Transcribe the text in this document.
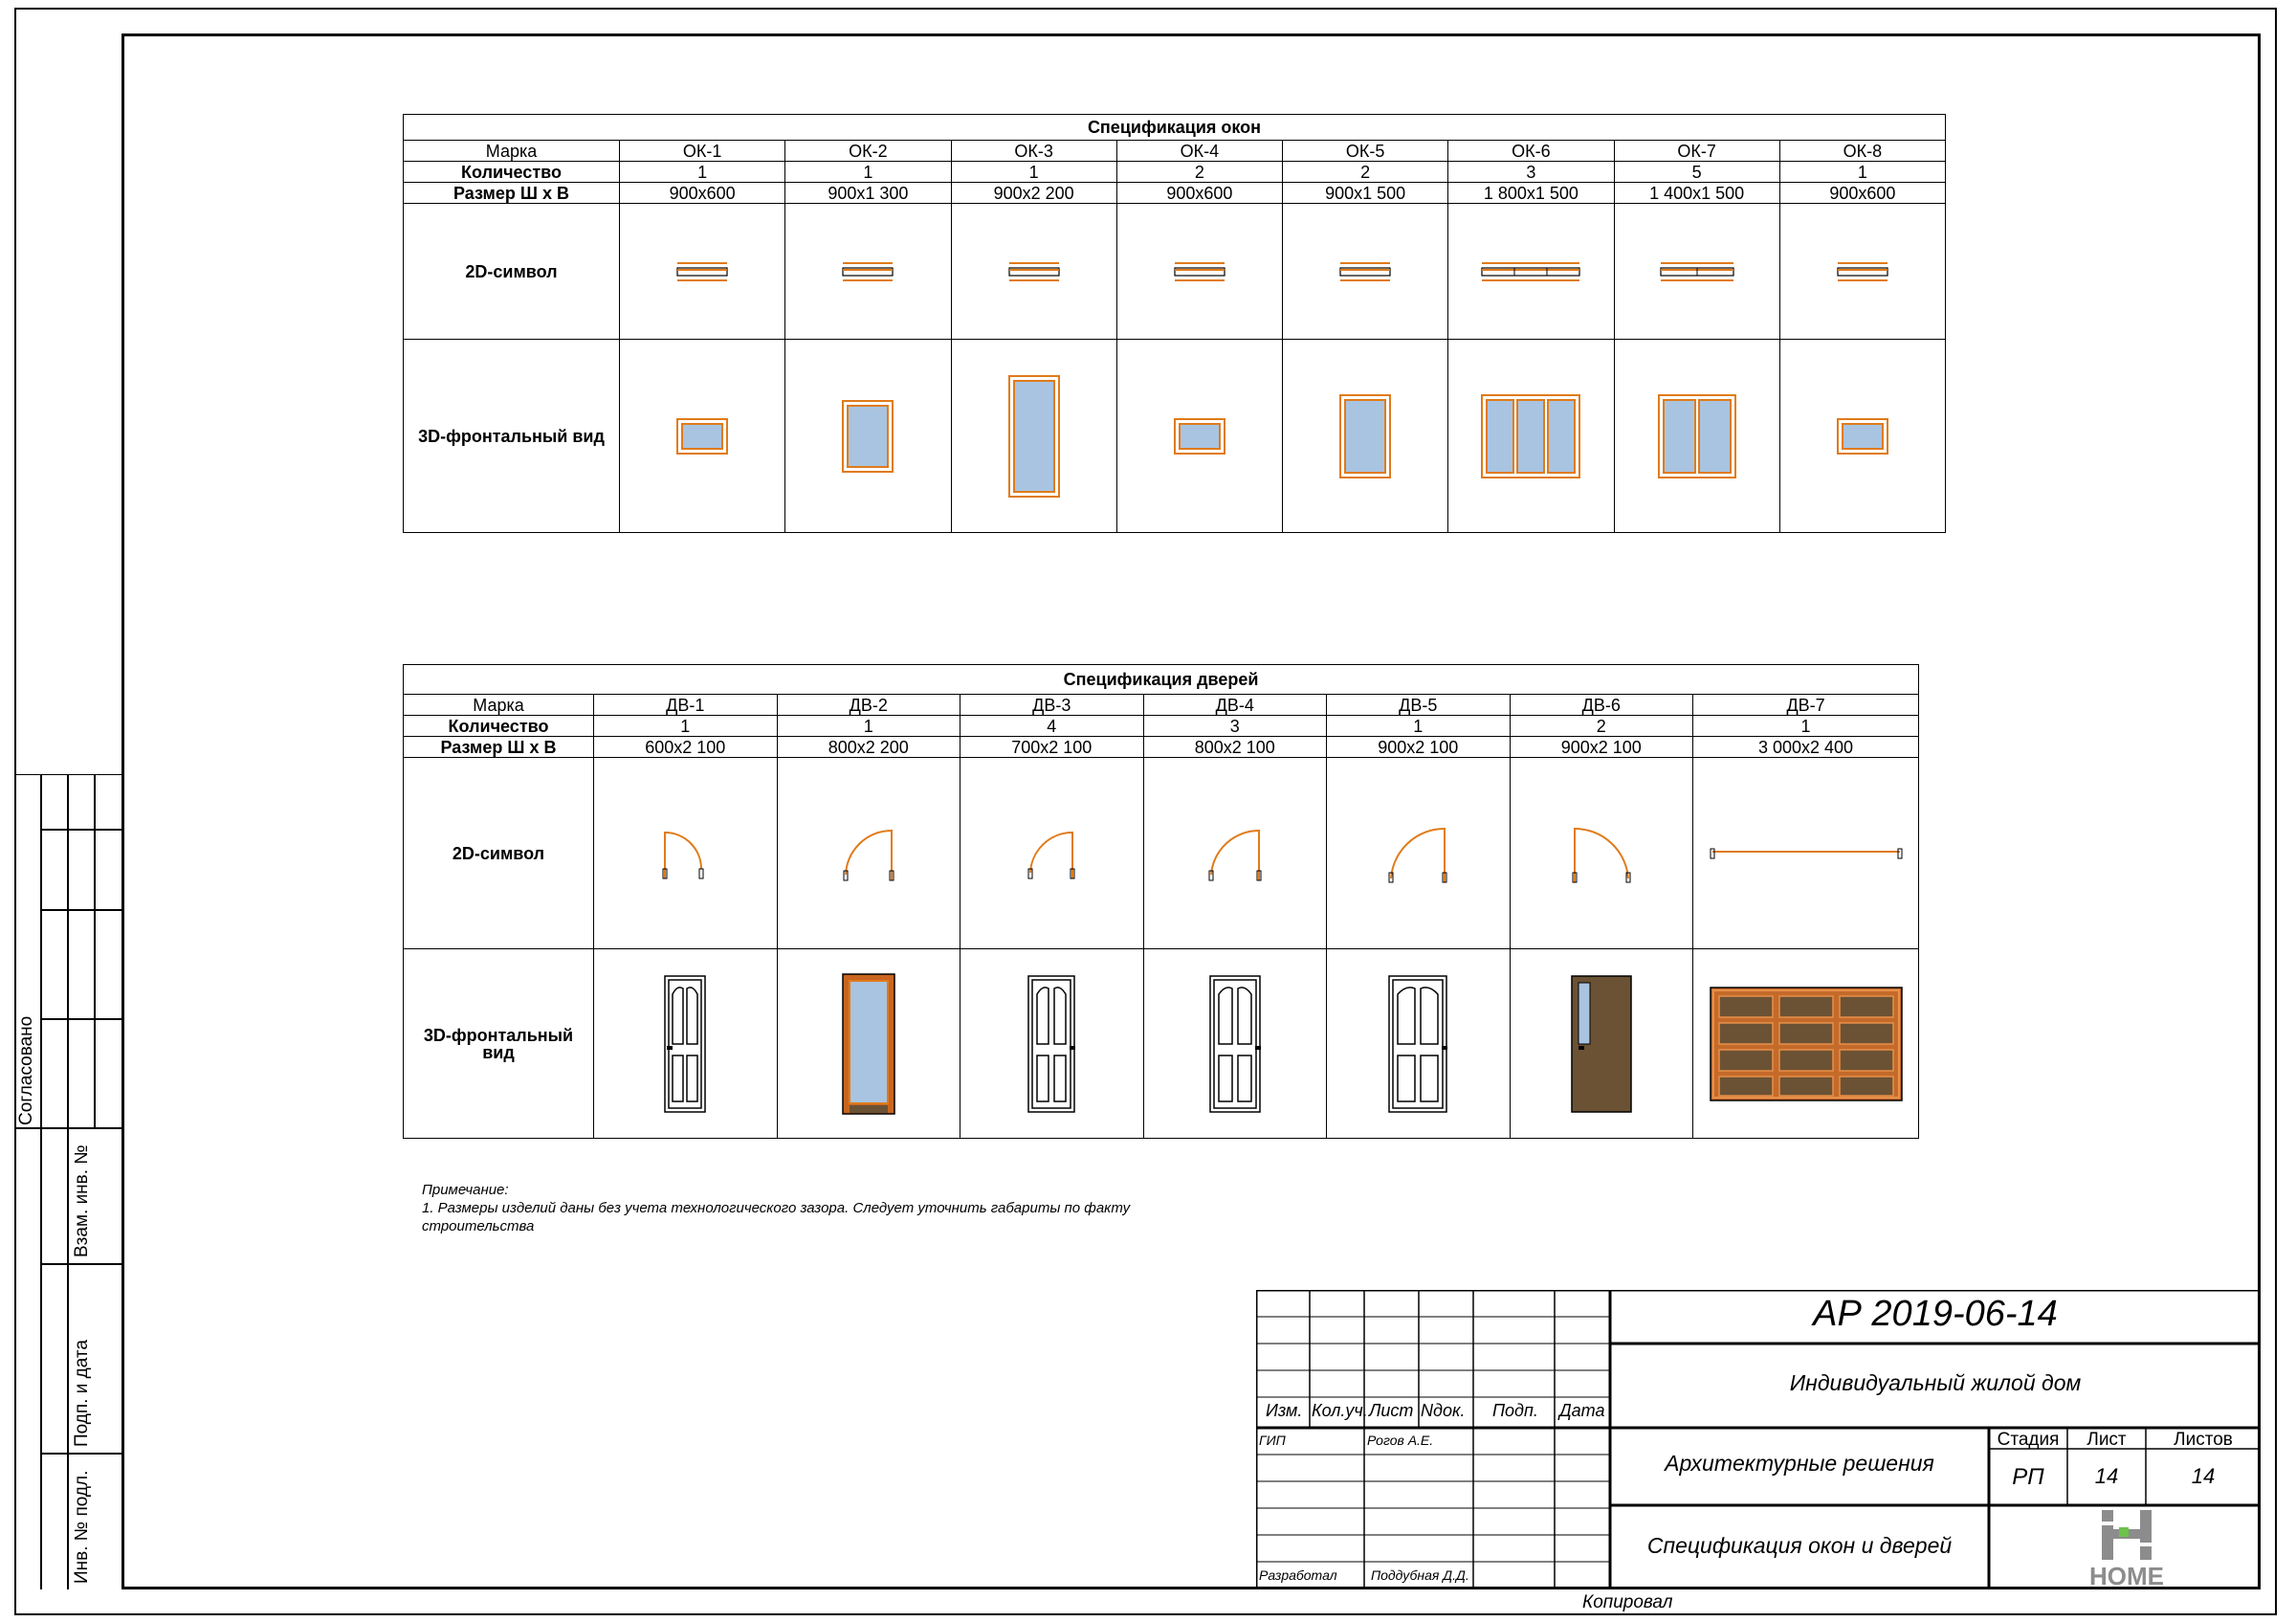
Спецификация окон								
Марка	ОК-1	ОК-2	ОК-3	ОК-4	ОК-5	ОК-6	ОК-7	ОК-8
Количество	1	1	1	2	2	3	5	1
Размер Ш х В	900х600	900х1 300	900х2 200	900х600	900х1 500	1 800х1 500	1 400х1 500	900х600
2D-символ	

3D-фронтальный вид	

Спецификация дверей							
Марка	ДВ-1	ДВ-2	ДВ-3	ДВ-4	ДВ-5	ДВ-6	ДВ-7
Количество	1	1	4	3	1	2	1
Размер Ш х В	600х2 100	800х2 200	700х2 100	800х2 100	900х2 100	900х2 100	3 000х2 400
2D-символ	

3D-фронтальный
вид	

Примечание:
1. Размеры изделий даны без учета технологического зазора. Следует уточнить габариты по факту
строительства
Согласовано
Взам. инв. №
Подп. и дата
Инв. № подл.
Изм. Кол.уч. Лист Nдок. Подп. Дата
ГИП	Рогов А.Е.
Разработал	Поддубная Д.Д.
АР 2019-06-14
Индивидуальный жилой дом
Архитектурные решения
Спецификация окон и дверей
Стадия	Лист	Листов
РП	14	14
HOME
Копировал
